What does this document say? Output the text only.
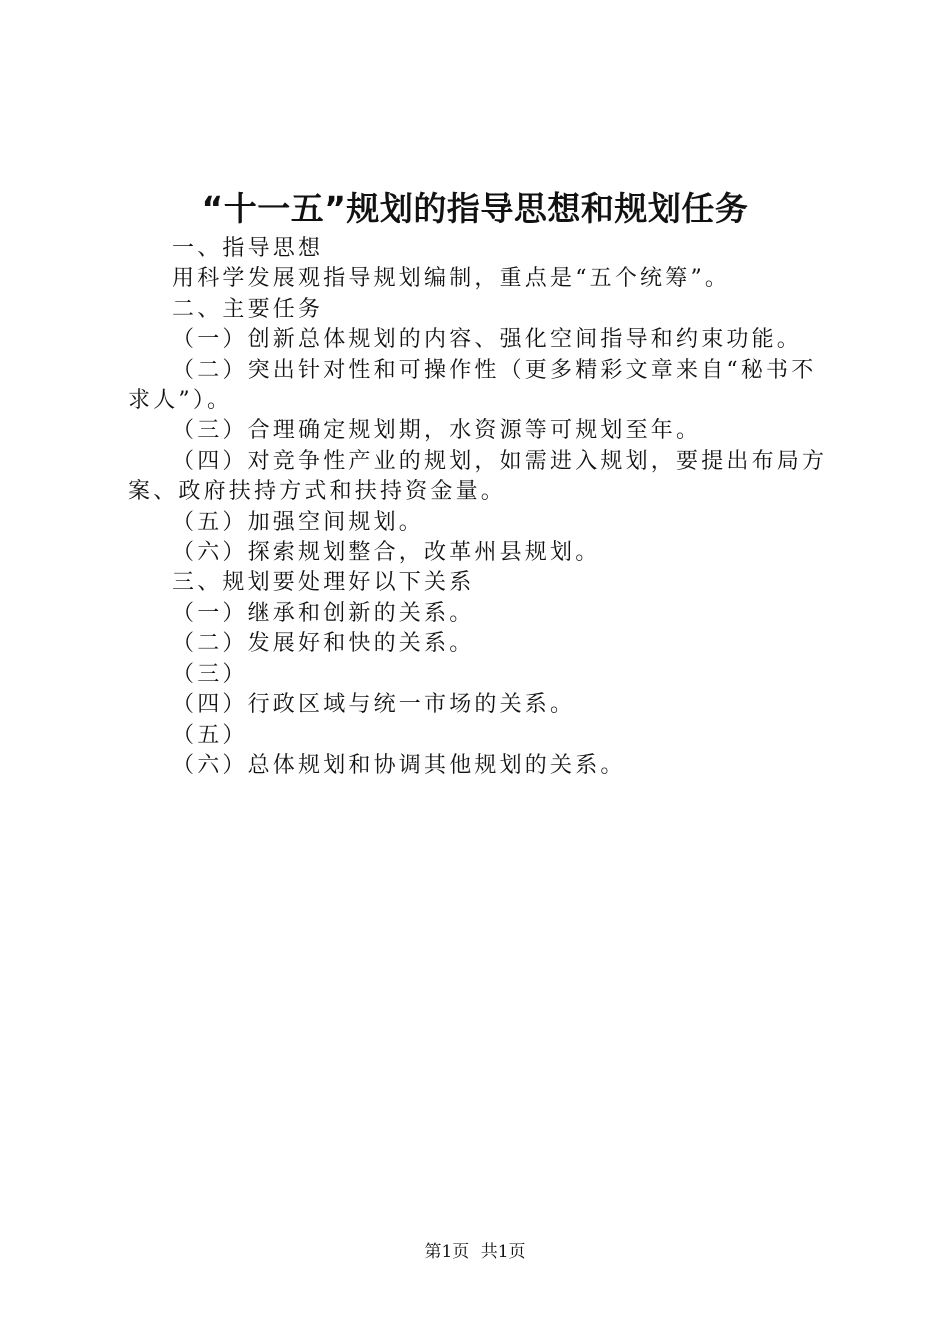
“十一五”规划的指导思想和规划任务

一、指导思想

用科学发展观指导规划编制，重点是“五个统筹”。

二、主要任务

（一）创新总体规划的内容、强化空间指导和约束功能。

（二）突出针对性和可操作性（更多精彩文章来自“秘书不求人”）。

（三）合理确定规划期，水资源等可规划至年。

（四）对竞争性产业的规划，如需进入规划，要提出布局方案、政府扶持方式和扶持资金量。

（五）加强空间规划。

（六）探索规划整合，改革州县规划。

三、规划要处理好以下关系

（一）继承和创新的关系。

（二）发展好和快的关系。

（三）

（四）行政区域与统一市场的关系。

（五）

（六）总体规划和协调其他规划的关系。

第1页 共1页
